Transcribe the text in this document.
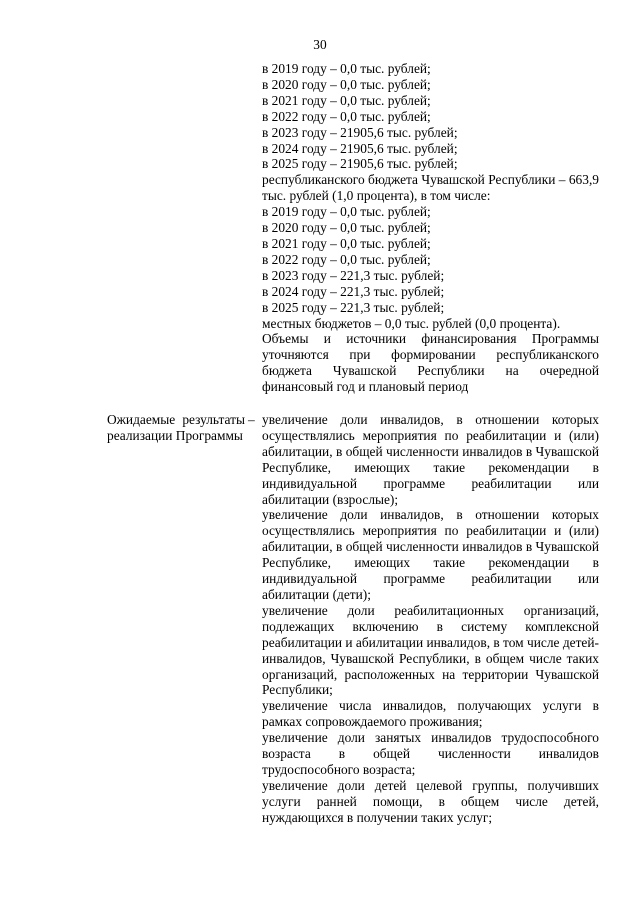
30
в 2019 году – 0,0 тыс. рублей;
в 2020 году – 0,0 тыс. рублей;
в 2021 году – 0,0 тыс. рублей;
в 2022 году – 0,0 тыс. рублей;
в 2023 году – 21905,6 тыс. рублей;
в 2024 году – 21905,6 тыс. рублей;
в 2025 году – 21905,6 тыс. рублей;
республиканского бюджета Чувашской Республики – 663,9 тыс. рублей (1,0 процента), в том числе:
в 2019 году – 0,0 тыс. рублей;
в 2020 году – 0,0 тыс. рублей;
в 2021 году – 0,0 тыс. рублей;
в 2022 году – 0,0 тыс. рублей;
в 2023 году – 221,3 тыс. рублей;
в 2024 году – 221,3 тыс. рублей;
в 2025 году – 221,3 тыс. рублей;
местных бюджетов – 0,0 тыс. рублей (0,0 процента).
Объемы и источники финансирования Программы уточняются при формировании республиканского бюджета Чувашской Республики на очередной финансовый год и плановый период
Ожидаемые результаты реализации Программы
– увеличение доли инвалидов, в отношении которых осуществлялись мероприятия по реабилитации и (или) абилитации, в общей численности инвалидов в Чувашской Республике, имеющих такие рекомендации в индивидуальной программе реабилитации или абилитации (взрослые);
увеличение доли инвалидов, в отношении которых осуществлялись мероприятия по реабилитации и (или) абилитации, в общей численности инвалидов в Чувашской Республике, имеющих такие рекомендации в индивидуальной программе реабилитации или абилитации (дети);
увеличение доли реабилитационных организаций, подлежащих включению в систему комплексной реабилитации и абилитации инвалидов, в том числе детей-инвалидов, Чувашской Республики, в общем числе таких организаций, расположенных на территории Чувашской Республики;
увеличение числа инвалидов, получающих услуги в рамках сопровождаемого проживания;
увеличение доли занятых инвалидов трудоспособного возраста в общей численности инвалидов трудоспособного возраста;
увеличение доли детей целевой группы, получивших услуги ранней помощи, в общем числе детей, нуждающихся в получении таких услуг;
